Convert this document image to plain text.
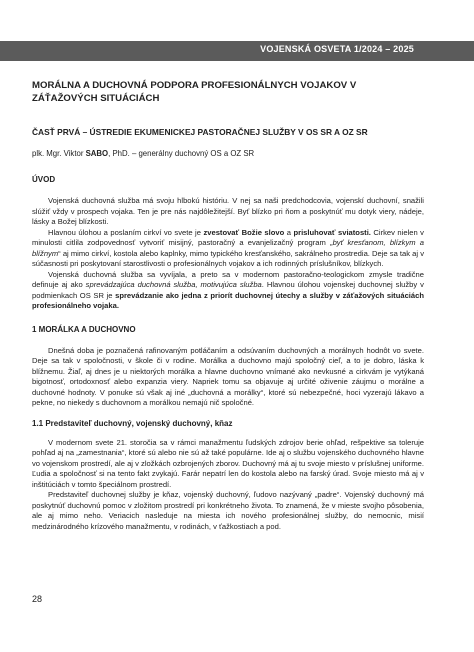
VOJENSKÁ OSVETA 1/2024 – 2025
MORÁLNA A DUCHOVNÁ PODPORA PROFESIONÁLNYCH VOJAKOV V ZÁŤAŽOVÝCH SITUÁCIÁCH
ČASŤ PRVÁ – ÚSTREDIE EKUMENICKEJ PASTORAČNEJ SLUŽBY V OS SR A OZ SR
plk. Mgr. Viktor SABO, PhD. – generálny duchovný OS a OZ SR
ÚVOD

Vojenská duchovná služba má svoju hlbokú históriu. V nej sa naši predchodcovia, vojenskí duchovní, snažili slúžiť vždy v prospech vojaka. Ten je pre nás najdôležitejší. Byť blízko pri ňom a poskytnúť mu dotyk viery, nádeje, lásky a Božej blízkosti.

Hlavnou úlohou a poslaním cirkví vo svete je zvestovať Božie slovo a prisluhovať sviatosti. Cirkev nielen v minulosti citlila zodpovednosť vytvoriť misijný, pastoračný a evanjelizačný program „byť kresťanom, blízkym a blížnym“ aj mimo cirkví, kostola alebo kaplnky, mimo typického kresťanského, sakrálneho prostredia. Deje sa tak aj v súčasnosti pri poskytovaní starostlivosti o profesionálnych vojakov a ich rodinných príslušníkov, blízkych.

Vojenská duchovná služba sa vyvíjala, a preto sa v modernom pastoračno-teologickom zmysle tradične definuje aj ako sprevádzajúca duchovná služba, motivujúca služba. Hlavnou úlohou vojenskej duchovnej služby v podmienkach OS SR je sprevádzanie ako jedna z priorít duchovnej útechy a služby v záťažových situáciách profesionálneho vojaka.

1 MORÁLKA A DUCHOVNO

Dnešná doba je poznačená rafinovaným potláčaním a odsúvaním duchovných a morálnych hodnôt vo svete. Deje sa tak v spoločnosti, v škole či v rodine. Morálka a duchovno majú spoločný cieľ, a to je dobro, láska k blížnemu. Žiaľ, aj dnes je u niektorých morálka a hlavne duchovno vnímané ako nevkusné a cirkvám je vytýkaná bigotnosť, ortodoxnosť alebo expanzia viery. Napriek tomu sa objavuje aj určité oživenie záujmu o morálne a duchovné hodnoty. V ponuke sú však aj iné „duchovná a morálky“, ktoré sú nebezpečné, hoci vyzerajú lákavo a pekne, no niekedy s duchovnom a morálkou nemajú nič spoločné.

1.1 Predstaviteľ duchovný, vojenský duchovný, kňaz

V modernom svete 21. storočia sa v rámci manažmentu ľudských zdrojov berie ohľad, rešpektive sa toleruje pohľad aj na „zamestnania“, ktoré sú alebo nie sú až také populárne. Ide aj o službu vojenského duchovného hlavne vo vojenskom prostredí, ale aj v zložkách ozbrojených zborov. Duchovný má aj tu svoje miesto v príslušnej uniforme. Ľudia a spoločnosť si na tento fakt zvykajú. Farár nepatrí len do kostola alebo na farský úrad. Svoje miesto má aj v inštitúciách v tomto špeciálnom prostredí.

Predstaviteľ duchovnej služby je kňaz, vojenský duchovný, ľudovo nazývaný „padre“. Vojenský duchovný má poskytnúť duchovnú pomoc v zložitom prostredí pri konkrétneho života. To znamená, že v mieste svojho pôsobenia, ale aj mimo neho. Veriacich nasleduje na miesta ich nového profesionálnej služby, do nemocnic, misií medzinárodného krízového manažmentu, v rodinách, v ťažkostiach a pod.

28
